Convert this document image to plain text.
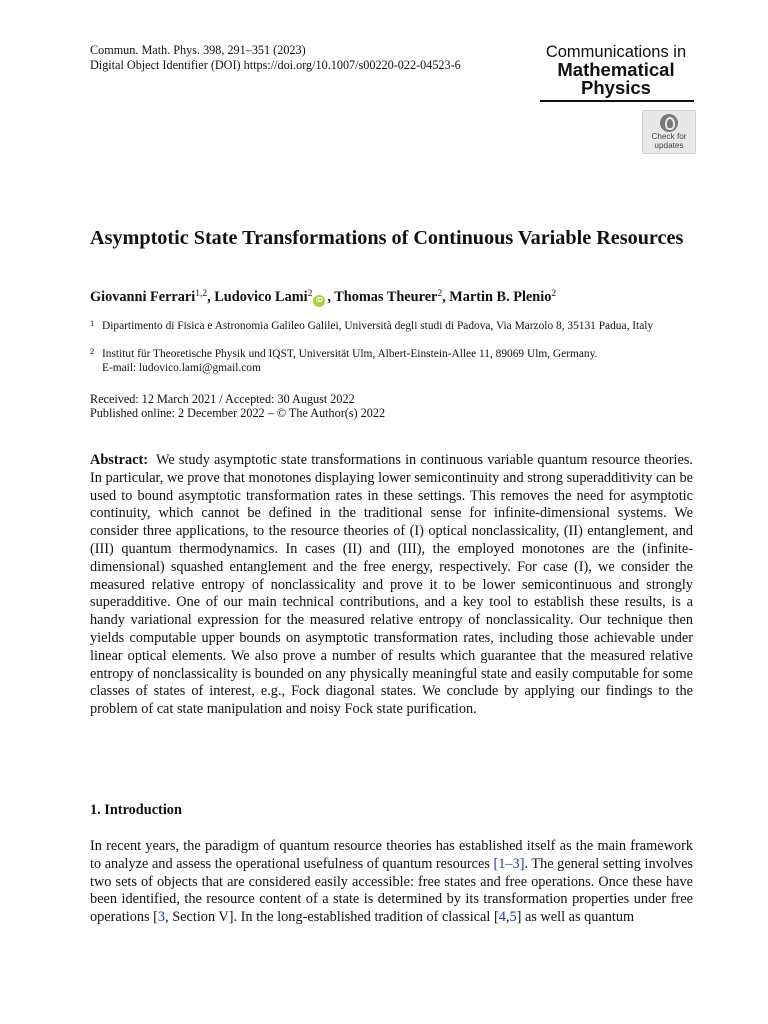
Commun. Math. Phys. 398, 291–351 (2023)
Digital Object Identifier (DOI) https://doi.org/10.1007/s00220-022-04523-6
Communications in
Mathematical
Physics
Check for
updates
Asymptotic State Transformations of Continuous Variable Resources
Giovanni Ferrari$^{1,2}$, Ludovico Lami$^2$iD , Thomas Theurer$^2$, Martin B. Plenio$^2$
1 Dipartimento di Fisica e Astronomia Galileo Galilei, Università degli studi di Padova, Via Marzolo 8, 35131 Padua, Italy
2 Institut für Theoretische Physik und IQST, Universität Ulm, Albert-Einstein-Allee 11, 89069 Ulm, Germany.
E-mail: ludovico.lami@gmail.com
Received: 12 March 2021 / Accepted: 30 August 2022
Published online: 2 December 2022 – © The Author(s) 2022
Abstract: We study asymptotic state transformations in continuous variable quantum resource theories. In particular, we prove that monotones displaying lower semicontinuity and strong superadditivity can be used to bound asymptotic transformation rates in these settings. This removes the need for asymptotic continuity, which cannot be defined in the traditional sense for infinite-dimensional systems. We consider three applications, to the resource theories of (I) optical nonclassicality, (II) entanglement, and (III) quantum thermodynamics. In cases (II) and (III), the employed monotones are the (infinite-dimensional) squashed entanglement and the free energy, respectively. For case (I), we consider the measured relative entropy of nonclassicality and prove it to be lower semicontinuous and strongly superadditive. One of our main technical contributions, and a key tool to establish these results, is a handy variational expression for the measured relative entropy of nonclassicality. Our technique then yields computable upper bounds on asymptotic transformation rates, including those achievable under linear optical elements. We also prove a number of results which guarantee that the measured relative entropy of nonclassicality is bounded on any physically meaningful state and easily computable for some classes of states of interest, e.g., Fock diagonal states. We conclude by applying our findings to the problem of cat state manipulation and noisy Fock state purification.
1. Introduction
In recent years, the paradigm of quantum resource theories has established itself as the main framework to analyze and assess the operational usefulness of quantum resources [1–3]. The general setting involves two sets of objects that are considered easily accessible: free states and free operations. Once these have been identified, the resource content of a state is determined by its transformation properties under free operations [3, Section V]. In the long-established tradition of classical [4,5] as well as quantum
